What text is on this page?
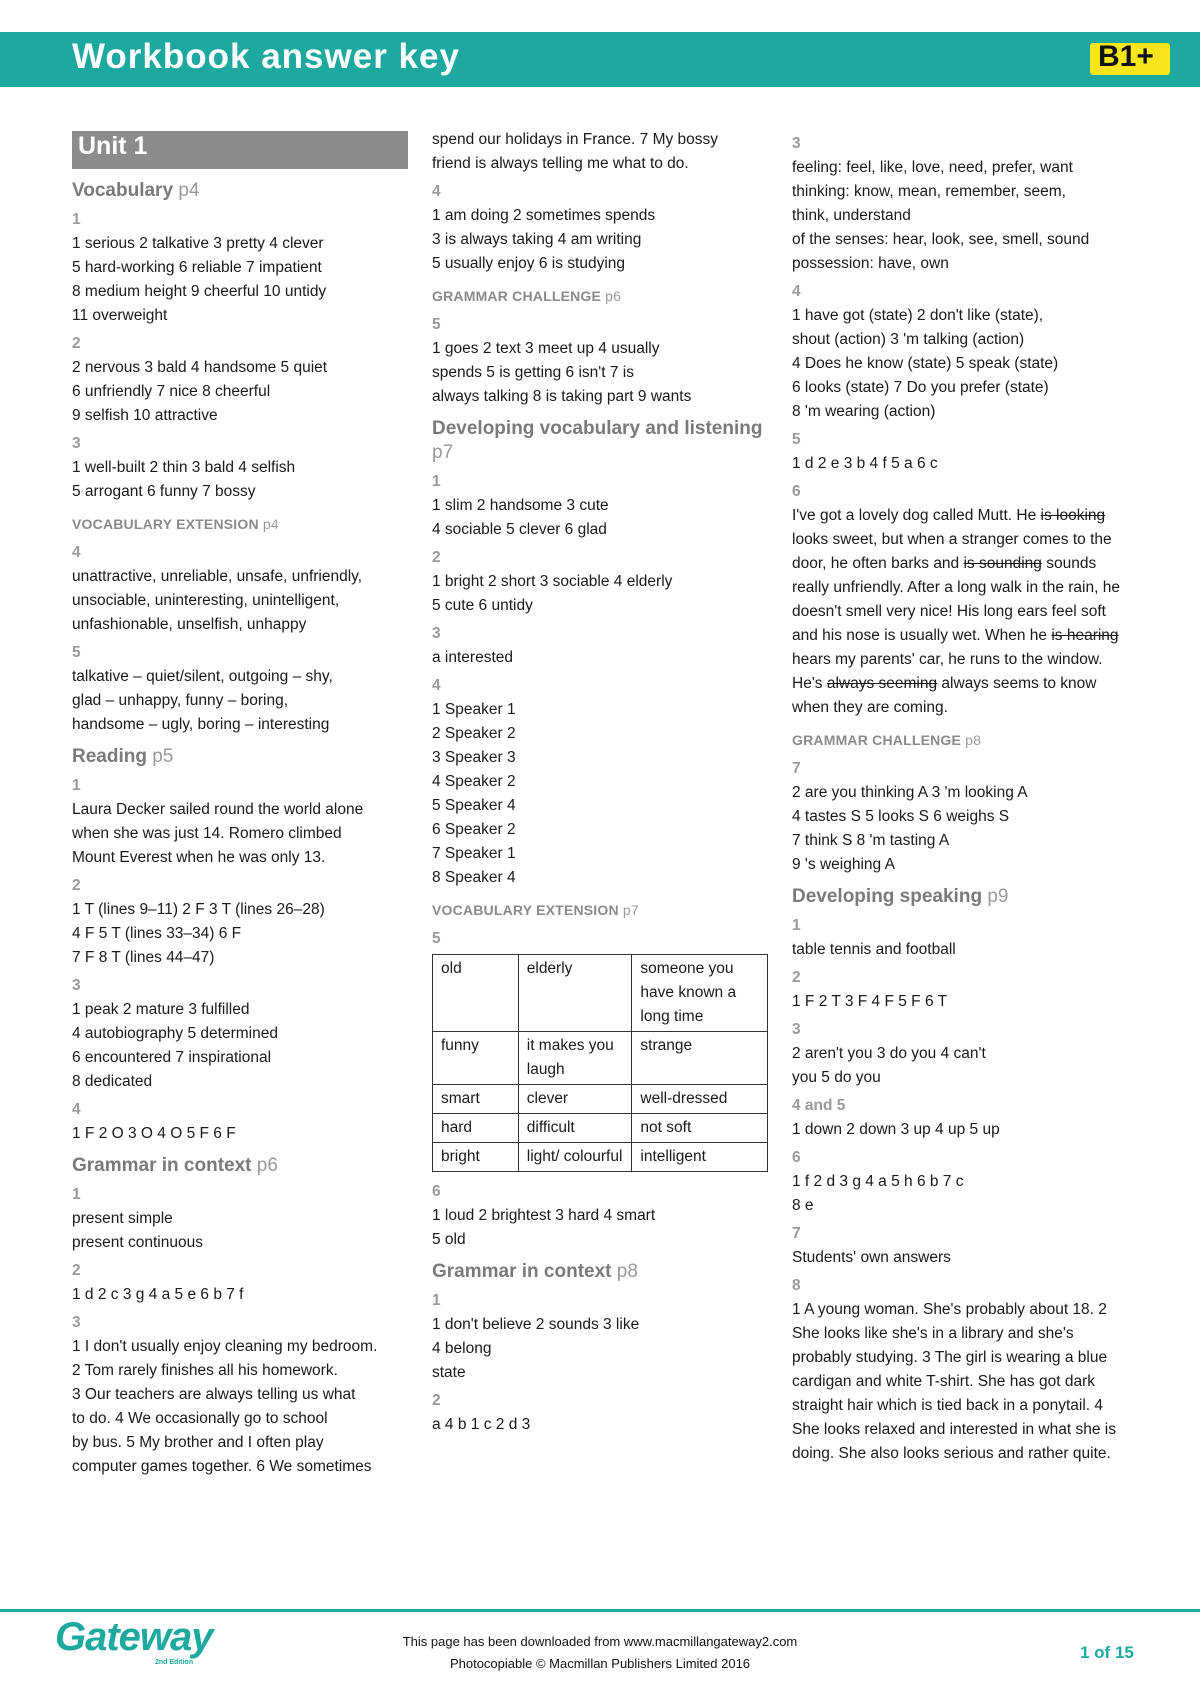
Workbook answer key	B1+
Unit 1
Vocabulary p4
1
1 serious 2 talkative 3 pretty 4 clever
5 hard-working 6 reliable 7 impatient
8 medium height 9 cheerful 10 untidy
11 overweight
2
2 nervous 3 bald 4 handsome 5 quiet
6 unfriendly 7 nice 8 cheerful
9 selfish 10 attractive
3
1 well-built 2 thin 3 bald 4 selfish
5 arrogant 6 funny 7 bossy
VOCABULARY EXTENSION p4
4
unattractive, unreliable, unsafe, unfriendly,
unsociable, uninteresting, unintelligent,
unfashionable, unselfish, unhappy
5
talkative – quiet/silent, outgoing – shy,
glad – unhappy, funny – boring,
handsome – ugly, boring – interesting
Reading p5
1
Laura Decker sailed round the world alone
when she was just 14. Romero climbed
Mount Everest when he was only 13.
2
1 T (lines 9–11) 2 F 3 T (lines 26–28)
4 F 5 T (lines 33–34) 6 F
7 F 8 T (lines 44–47)
3
1 peak 2 mature 3 fulfilled
4 autobiography 5 determined
6 encountered 7 inspirational
8 dedicated
4
1 F 2 O 3 O 4 O 5 F 6 F
Grammar in context p6
1
present simple
present continuous
2
1 d 2 c 3 g 4 a 5 e 6 b 7 f
3
1 I don't usually enjoy cleaning my bedroom.
2 Tom rarely finishes all his homework.
3 Our teachers are always telling us what
to do. 4 We occasionally go to school
by bus. 5 My brother and I often play
computer games together. 6 We sometimes
spend our holidays in France. 7 My bossy
friend is always telling me what to do.
4
1 am doing 2 sometimes spends
3 is always taking 4 am writing
5 usually enjoy 6 is studying
GRAMMAR CHALLENGE p6
5
1 goes 2 text 3 meet up 4 usually
spends 5 is getting 6 isn't 7 is
always talking 8 is taking part 9 wants
Developing vocabulary and listening p7
1
1 slim 2 handsome 3 cute
4 sociable 5 clever 6 glad
2
1 bright 2 short 3 sociable 4 elderly
5 cute 6 untidy
3
a interested
4
1 Speaker 1
2 Speaker 2
3 Speaker 3
4 Speaker 2
5 Speaker 4
6 Speaker 2
7 Speaker 1
8 Speaker 4
VOCABULARY EXTENSION p7
5
old	elderly	someone you have known a long time
funny	it makes you laugh	strange
smart	clever	well-dressed
hard	difficult	not soft
bright	light/ colourful	intelligent
6
1 loud 2 brightest 3 hard 4 smart
5 old
Grammar in context p8
1
1 don't believe 2 sounds 3 like
4 belong
state
2
a 4 b 1 c 2 d 3
3
feeling: feel, like, love, need, prefer, want
thinking: know, mean, remember, seem,
think, understand
of the senses: hear, look, see, smell, sound
possession: have, own
4
1 have got (state) 2 don't like (state),
shout (action) 3 'm talking (action)
4 Does he know (state) 5 speak (state)
6 looks (state) 7 Do you prefer (state)
8 'm wearing (action)
5
1 d 2 e 3 b 4 f 5 a 6 c
6
I've got a lovely dog called Mutt. He is looking looks sweet, but when a stranger comes to the door, he often barks and is sounding sounds really unfriendly. After a long walk in the rain, he doesn't smell very nice! His long ears feel soft and his nose is usually wet. When he is hearing hears my parents' car, he runs to the window. He's always seeming always seems to know when they are coming.
GRAMMAR CHALLENGE p8
7
2 are you thinking A 3 'm looking A
4 tastes S 5 looks S 6 weighs S
7 think S 8 'm tasting A
9 's weighing A
Developing speaking p9
1
table tennis and football
2
1 F 2 T 3 F 4 F 5 F 6 T
3
2 aren't you 3 do you 4 can't
you 5 do you
4 and 5
1 down 2 down 3 up 4 up 5 up
6
1 f 2 d 3 g 4 a 5 h 6 b 7 c
8 e
7
Students' own answers
8
1 A young woman. She's probably about 18. 2 She looks like she's in a library and she's probably studying. 3 The girl is wearing a blue cardigan and white T-shirt. She has got dark straight hair which is tied back in a ponytail. 4 She looks relaxed and interested in what she is doing. She also looks serious and rather quite.
Gateway
2nd Edition
This page has been downloaded from www.macmillangateway2.com
Photocopiable © Macmillan Publishers Limited 2016
1 of 15
